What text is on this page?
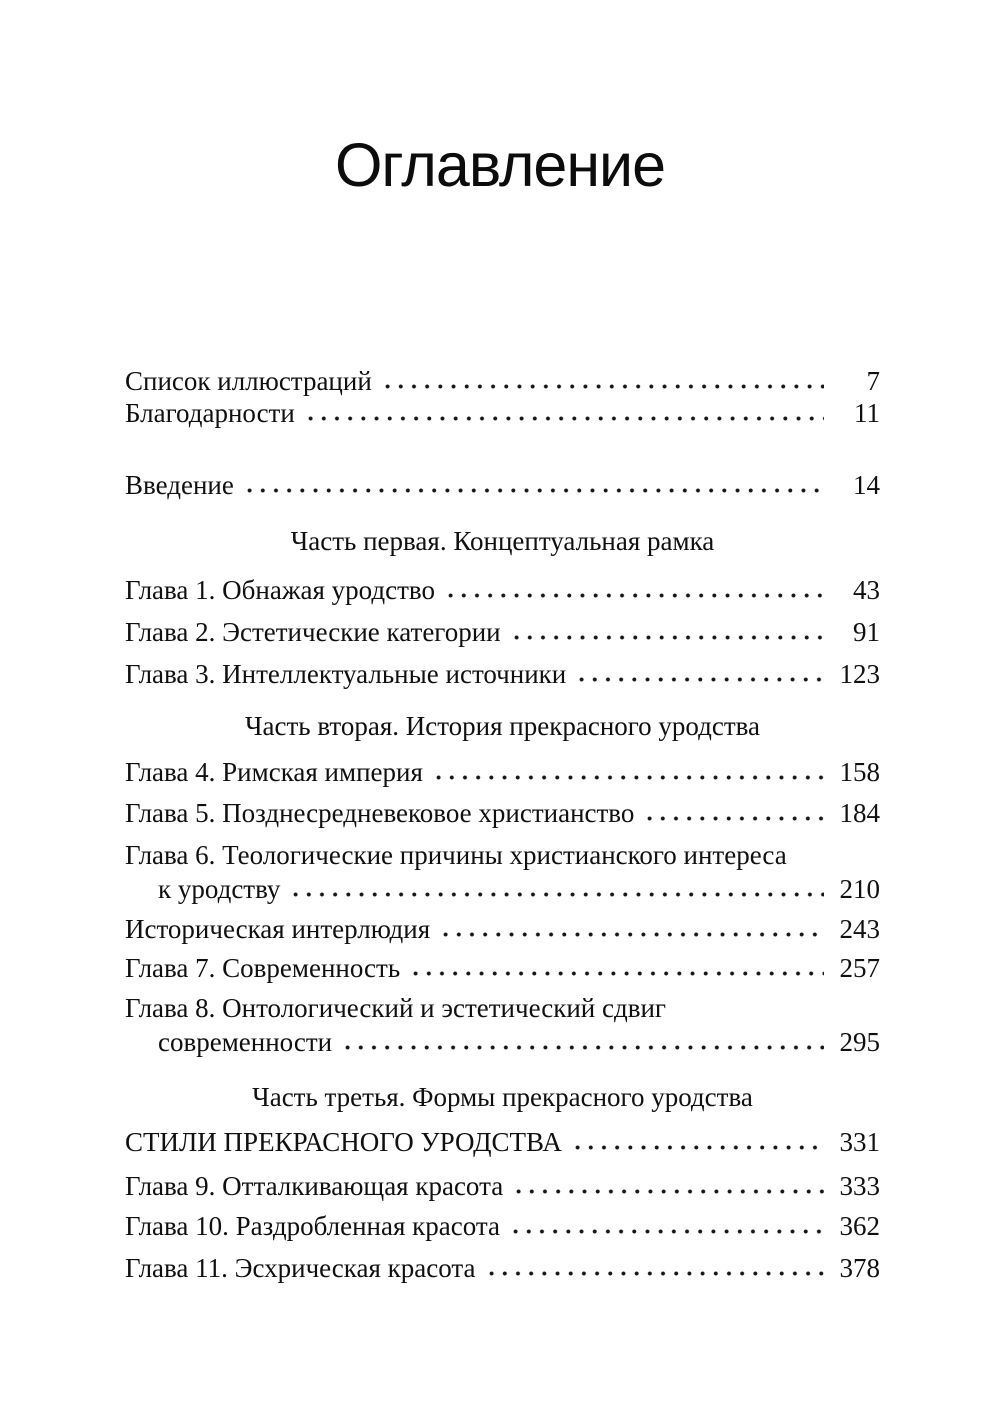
Оглавление
Список иллюстраций	7
Благодарности	11
Введение	14
Часть первая. Концептуальная рамка
Глава 1. Обнажая уродство	43
Глава 2. Эстетические категории	91
Глава 3. Интеллектуальные источники	123
Часть вторая. История прекрасного уродства
Глава 4. Римская империя	158
Глава 5. Позднесредневековое христианство	184
Глава 6. Теологические причины христианского интереса
к уродству	210
Историческая интерлюдия	243
Глава 7. Современность	257
Глава 8. Онтологический и эстетический сдвиг
современности	295
Часть третья. Формы прекрасного уродства
СТИЛИ ПРЕКРАСНОГО УРОДСТВА	331
Глава 9. Отталкивающая красота	333
Глава 10. Раздробленная красота	362
Глава 11. Эсхрическая красота	378
